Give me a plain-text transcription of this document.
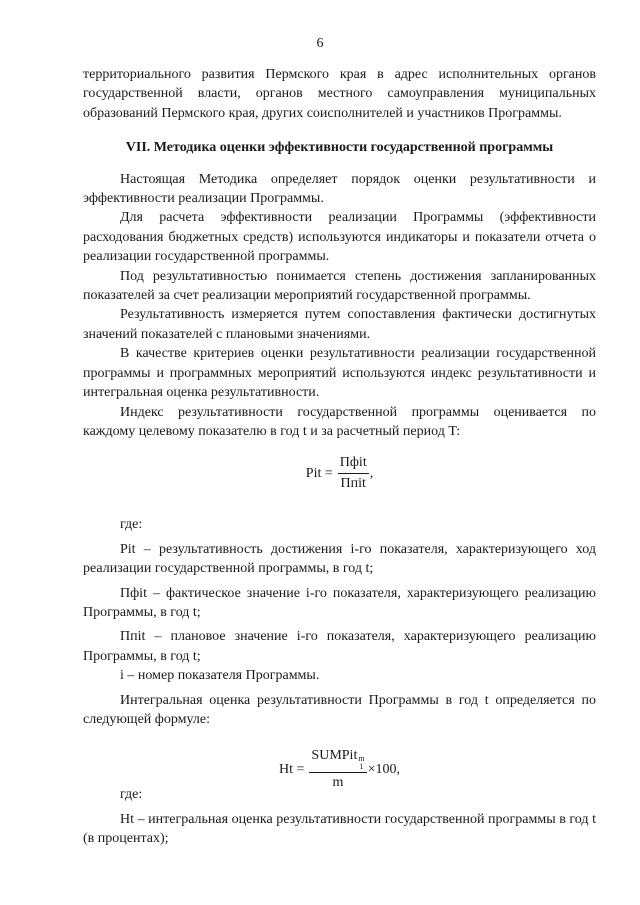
6

территориального развития Пермского края в адрес исполнительных органов государственной власти, органов местного самоуправления муниципальных образований Пермского края, других соисполнителей и участников Программы.

VII. Методика оценки эффективности государственной программы

Настоящая Методика определяет порядок оценки результативности и эффективности реализации Программы.

Для расчета эффективности реализации Программы (эффективности расходования бюджетных средств) используются индикаторы и показатели отчета о реализации государственной программы.

Под результативностью понимается степень достижения запланированных показателей за счет реализации мероприятий государственной программы.

Результативность измеряется путем сопоставления фактически достигнутых значений показателей с плановыми значениями.

В качестве критериев оценки результативности реализации государственной программы и программных мероприятий используются индекс результативности и интегральная оценка результативности.

Индекс результативности государственной программы оценивается по каждому целевому показателю в год t и за расчетный период T:

Pit = $\frac{\text{Пфit}}{\text{Ппit}}$ ,

где:

Pit – результативность достижения i-го показателя, характеризующего ход реализации государственной программы, в год t;

Пфit – фактическое значение i-го показателя, характеризующего реализацию Программы, в год t;

Ппit – плановое значение i-го показателя, характеризующего реализацию Программы, в год t;

i – номер показателя Программы.

Интегральная оценка результативности Программы в год t определяется по следующей формуле:

Ht = SUMPit m
1
m ×100,

где:

Ht – интегральная оценка результативности государственной программы в год t (в процентах);
